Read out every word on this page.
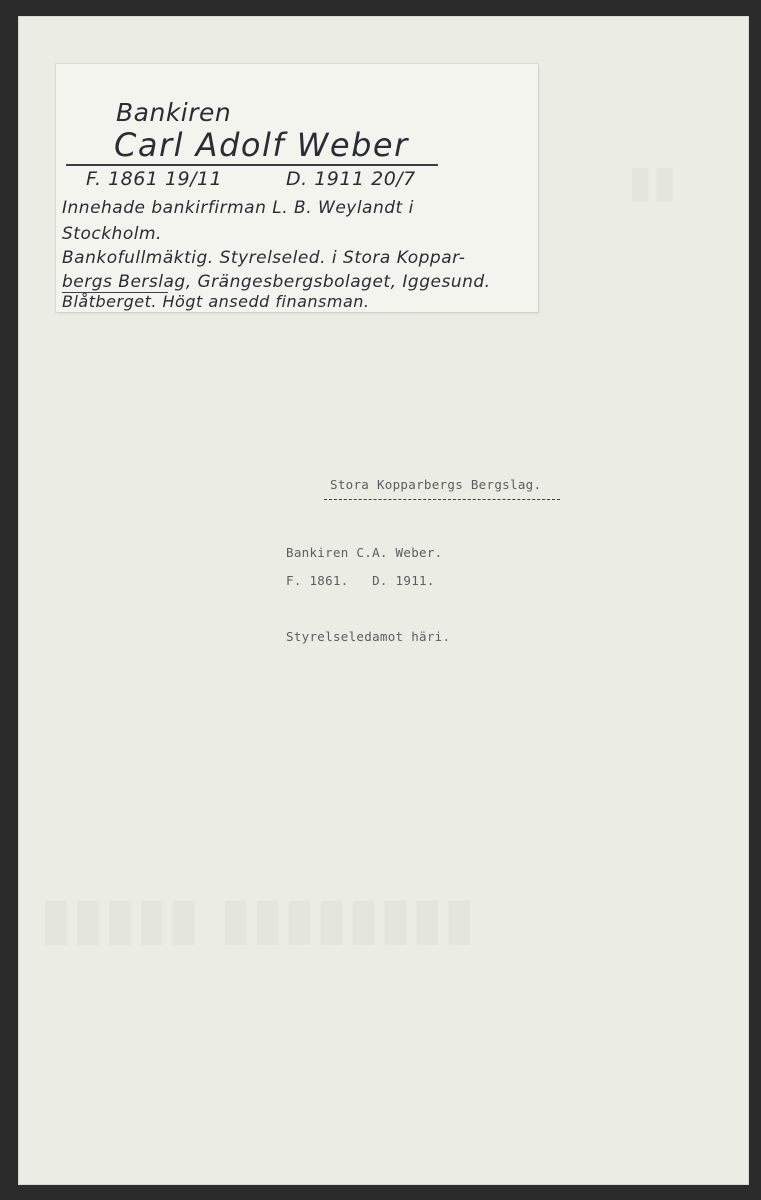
Bankiren
Carl Adolf Weber
F. 1861 19/11	D. 1911 20/7
Innehade bankirfirman L. B. Weylandt i
Stockholm.
Bankofullmäktig. Styrelseled. i Stora Koppar-
bergs Berslag, Grängesbergsbolaget, Iggesund.
Blåtberget. Högt ansedd finansman.
Stora Kopparbergs Bergslag.
Bankiren C.A. Weber.
F. 1861.   D. 1911.
Styrelseledamot häri.
